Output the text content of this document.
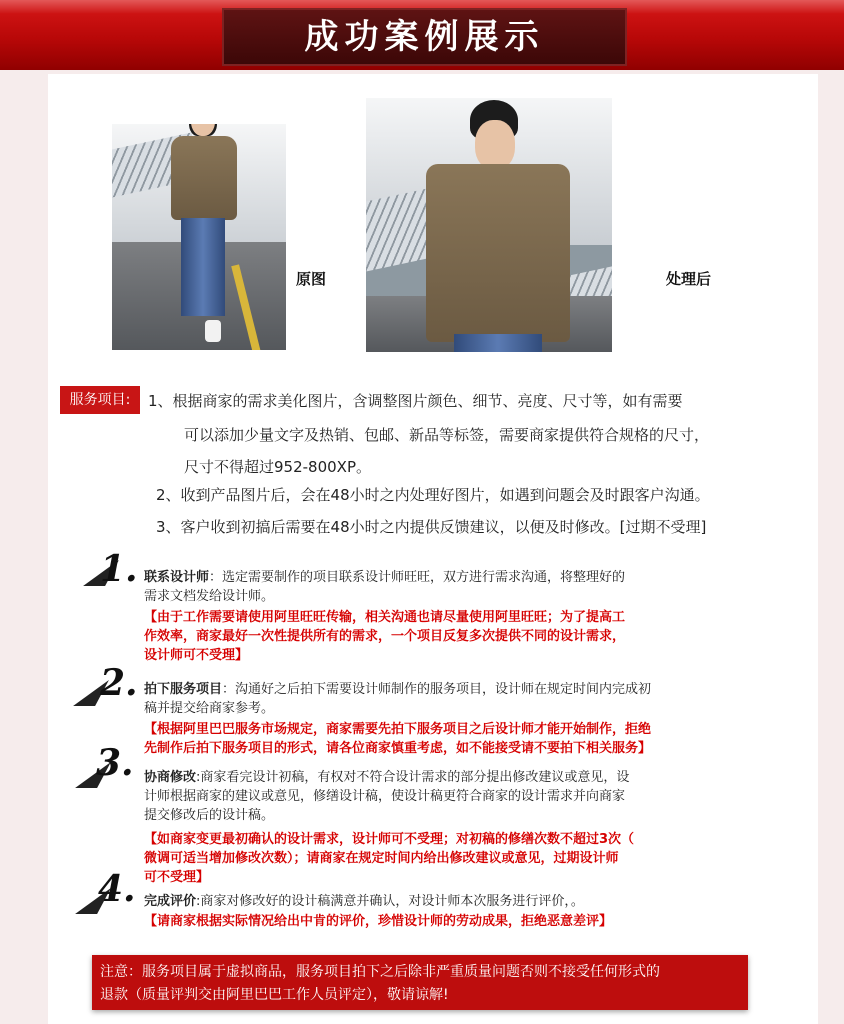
成功案例展示
原图	处理后
服务项目:	1、根据商家的需求美化图片，含调整图片颜色、细节、亮度、尺寸等，如有需要
可以添加少量文字及热销、包邮、新品等标签，需要商家提供符合规格的尺寸，
尺寸不得超过952-800XP。
2、收到产品图片后，会在48小时之内处理好图片，如遇到问题会及时跟客户沟通。
3、客户收到初搞后需要在48小时之内提供反馈建议，以便及时修改。[过期不受理]
1. 联系设计师：选定需要制作的项目联系设计师旺旺，双方进行需求沟通，将整理好的
需求文档发给设计师。
【由于工作需要请使用阿里旺旺传输，相关沟通也请尽量使用阿里旺旺；为了提高工
作效率，商家最好一次性提供所有的需求，一个项目反复多次提供不同的设计需求，
设计师可不受理】
2. 拍下服务项目：沟通好之后拍下需要设计师制作的服务项目，设计师在规定时间内完成初
稿并提交给商家参考。
【根据阿里巴巴服务市场规定，商家需要先拍下服务项目之后设计师才能开始制作，拒绝
先制作后拍下服务项目的形式，请各位商家慎重考虑，如不能接受请不要拍下相关服务】
3. 协商修改:商家看完设计初稿，有权对不符合设计需求的部分提出修改建议或意见，设
计师根据商家的建议或意见，修缮设计稿，使设计稿更符合商家的设计需求并向商家
提交修改后的设计稿。
【如商家变更最初确认的设计需求，设计师可不受理；对初稿的修缮次数不超过3次（
微调可适当增加修改次数）；请商家在规定时间内给出修改建议或意见，过期设计师
可不受理】
4. 完成评价:商家对修改好的设计稿满意并确认，对设计师本次服务进行评价，。
【请商家根据实际情况给出中肯的评价，珍惜设计师的劳动成果，拒绝恶意差评】
注意：服务项目属于虚拟商品，服务项目拍下之后除非严重质量问题否则不接受任何形式的
退款（质量评判交由阿里巴巴工作人员评定），敬请谅解!
